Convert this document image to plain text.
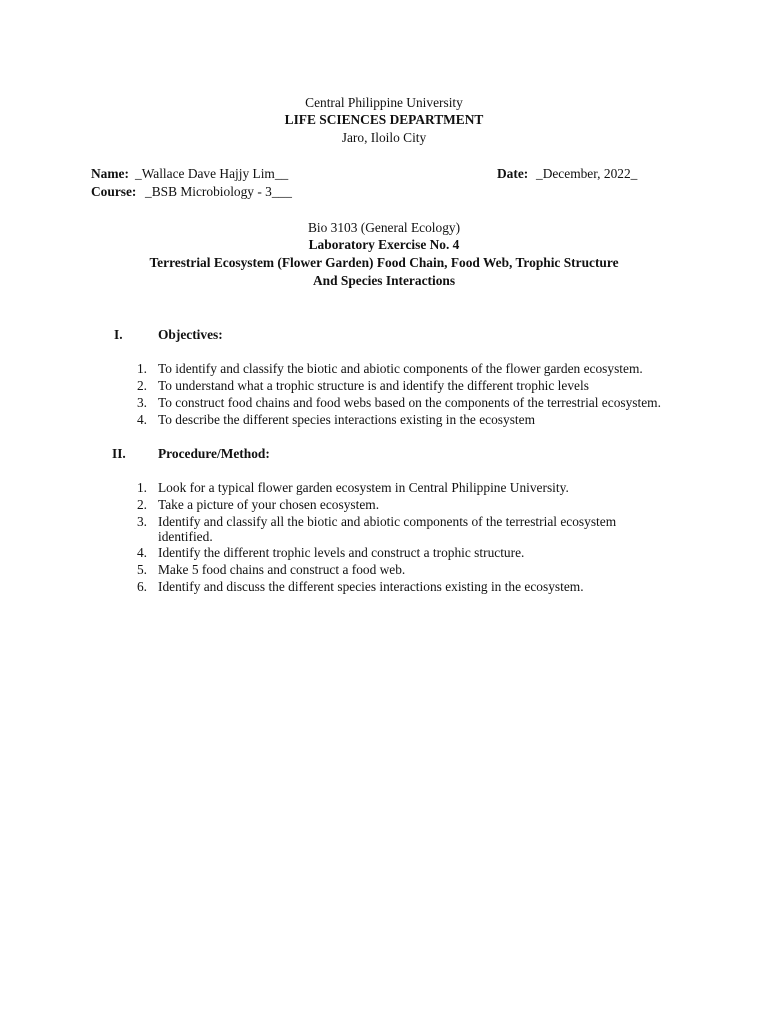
Central Philippine University
LIFE SCIENCES DEPARTMENT
Jaro, Iloilo City
Name: _Wallace Dave Hajjy Lim__	Date: _December, 2022_
Course: _BSB Microbiology - 3___
Bio 3103 (General Ecology)
Laboratory Exercise No. 4
Terrestrial Ecosystem (Flower Garden) Food Chain, Food Web, Trophic Structure
And Species Interactions
I.	Objectives:
1. To identify and classify the biotic and abiotic components of the flower garden ecosystem.
2. To understand what a trophic structure is and identify the different trophic levels
3. To construct food chains and food webs based on the components of the terrestrial ecosystem.
4. To describe the different species interactions existing in the ecosystem
II. Procedure/Method:
1. Look for a typical flower garden ecosystem in Central Philippine University.
2. Take a picture of your chosen ecosystem.
3. Identify and classify all the biotic and abiotic components of the terrestrial ecosystem
identified.
4. Identify the different trophic levels and construct a trophic structure.
5. Make 5 food chains and construct a food web.
6. Identify and discuss the different species interactions existing in the ecosystem.
